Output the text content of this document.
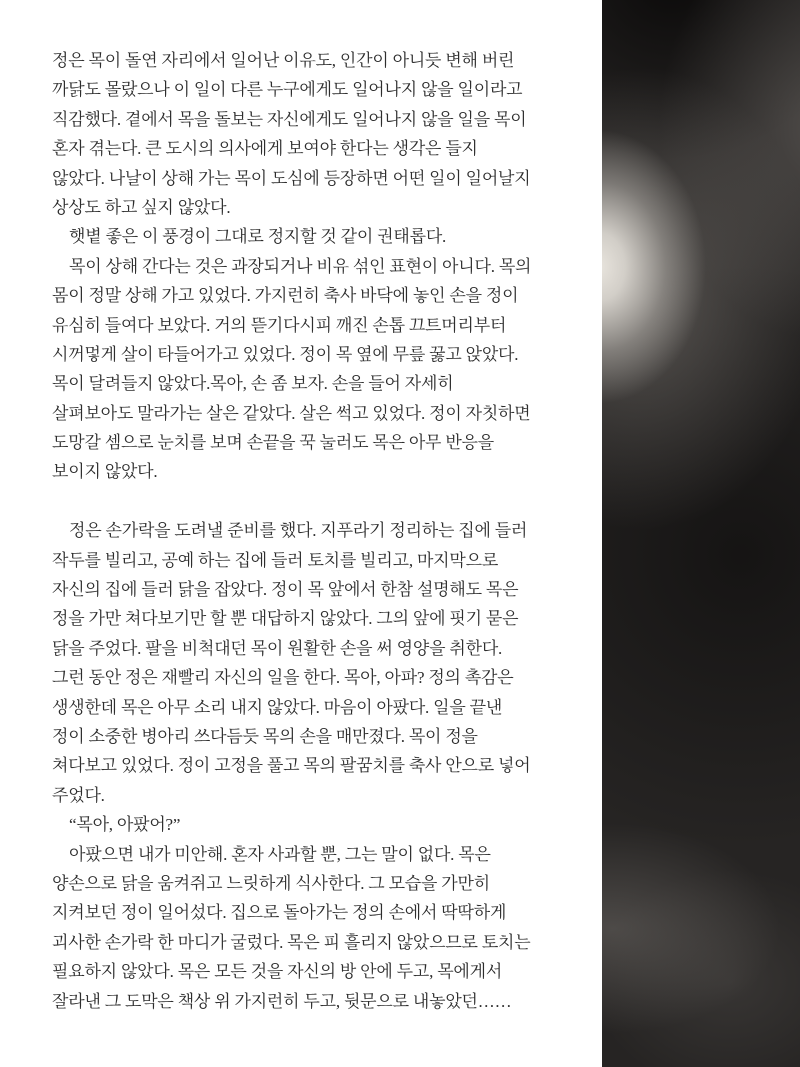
정은 목이 돌연 자리에서 일어난 이유도, 인간이 아니듯 변해 버린
까닭도 몰랐으나 이 일이 다른 누구에게도 일어나지 않을 일이라고
직감했다. 곁에서 목을 돌보는 자신에게도 일어나지 않을 일을 목이
혼자 겪는다. 큰 도시의 의사에게 보여야 한다는 생각은 들지
않았다. 나날이 상해 가는 목이 도심에 등장하면 어떤 일이 일어날지
상상도 하고 싶지 않았다.
햇볕 좋은 이 풍경이 그대로 정지할 것 같이 권태롭다.
목이 상해 간다는 것은 과장되거나 비유 섞인 표현이 아니다. 목의
몸이 정말 상해 가고 있었다. 가지런히 축사 바닥에 놓인 손을 정이
유심히 들여다 보았다. 거의 뜯기다시피 깨진 손톱 끄트머리부터
시꺼멓게 살이 타들어가고 있었다. 정이 목 옆에 무릎 꿇고 앉았다.
목이 달려들지 않았다.목아, 손 좀 보자. 손을 들어 자세히
살펴보아도 말라가는 살은 같았다. 살은 썩고 있었다. 정이 자칫하면
도망갈 셈으로 눈치를 보며 손끝을 꾹 눌러도 목은 아무 반응을
보이지 않았다.
정은 손가락을 도려낼 준비를 했다. 지푸라기 정리하는 집에 들러
작두를 빌리고, 공예 하는 집에 들러 토치를 빌리고, 마지막으로
자신의 집에 들러 닭을 잡았다. 정이 목 앞에서 한참 설명해도 목은
정을 가만 쳐다보기만 할 뿐 대답하지 않았다. 그의 앞에 핏기 묻은
닭을 주었다. 팔을 비척대던 목이 원활한 손을 써 영양을 취한다.
그런 동안 정은 재빨리 자신의 일을 한다. 목아, 아파? 정의 촉감은
생생한데 목은 아무 소리 내지 않았다. 마음이 아팠다. 일을 끝낸
정이 소중한 병아리 쓰다듬듯 목의 손을 매만졌다. 목이 정을
쳐다보고 있었다. 정이 고정을 풀고 목의 팔꿈치를 축사 안으로 넣어
주었다.
“목아, 아팠어?”
아팠으면 내가 미안해. 혼자 사과할 뿐, 그는 말이 없다. 목은
양손으로 닭을 움켜쥐고 느릿하게 식사한다. 그 모습을 가만히
지켜보던 정이 일어섰다. 집으로 돌아가는 정의 손에서 딱딱하게
괴사한 손가락 한 마디가 굴렀다. 목은 피 흘리지 않았으므로 토치는
필요하지 않았다. 목은 모든 것을 자신의 방 안에 두고, 목에게서
잘라낸 그 도막은 책상 위 가지런히 두고, 뒷문으로 내놓았던……
